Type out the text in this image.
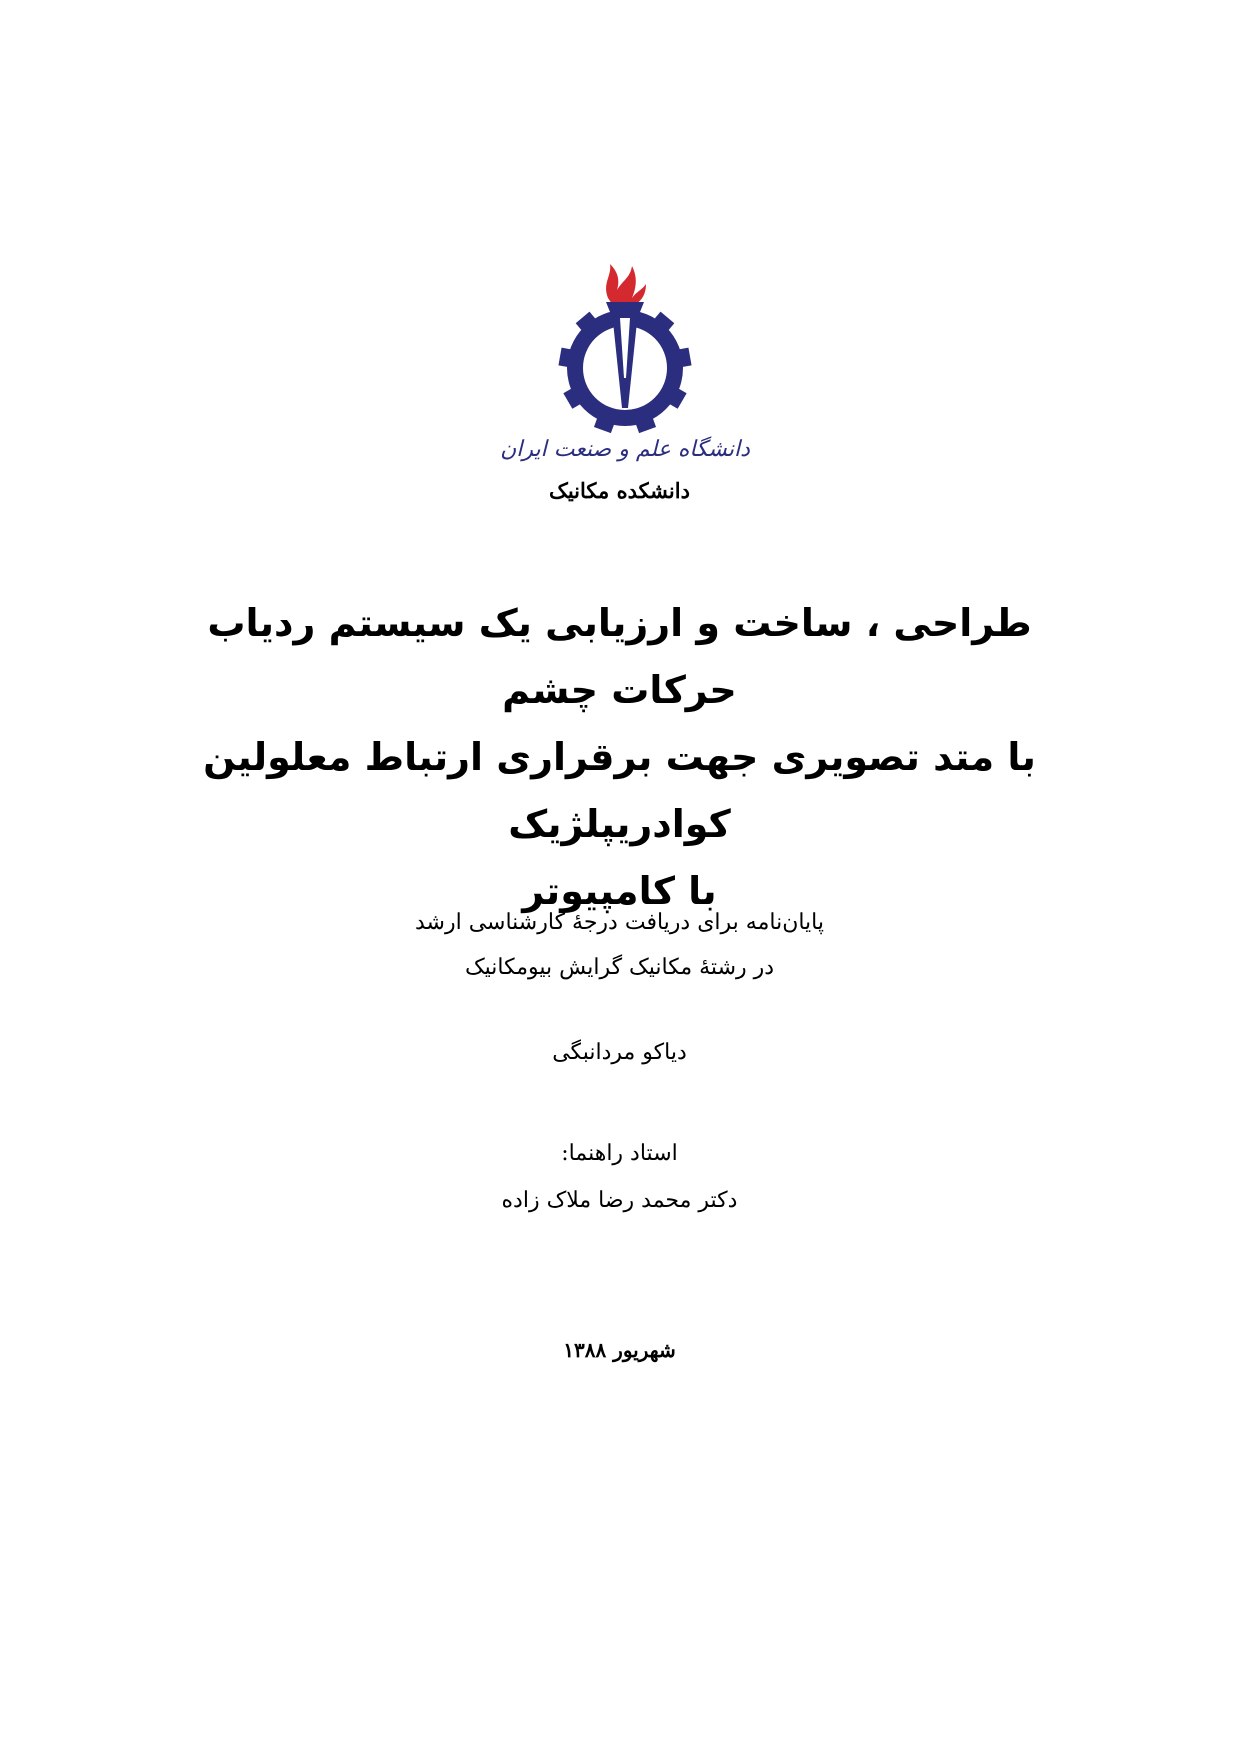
دانشگاه علم و صنعت ایران
دانشکده مکانیک
طراحی ، ساخت و ارزیابی یک سیستم ردیاب حرکات چشم
با متد تصویری جهت برقراری ارتباط معلولین کوادریپلژیک
با کامپیوتر
پایان‌نامه برای دریافت درجهٔ کارشناسی ارشد
در رشتهٔ مکانیک گرایش بیومکانیک
دیاکو مردانبگی
استاد راهنما:
دکتر محمد رضا ملاک زاده
شهریور ۱۳۸۸
